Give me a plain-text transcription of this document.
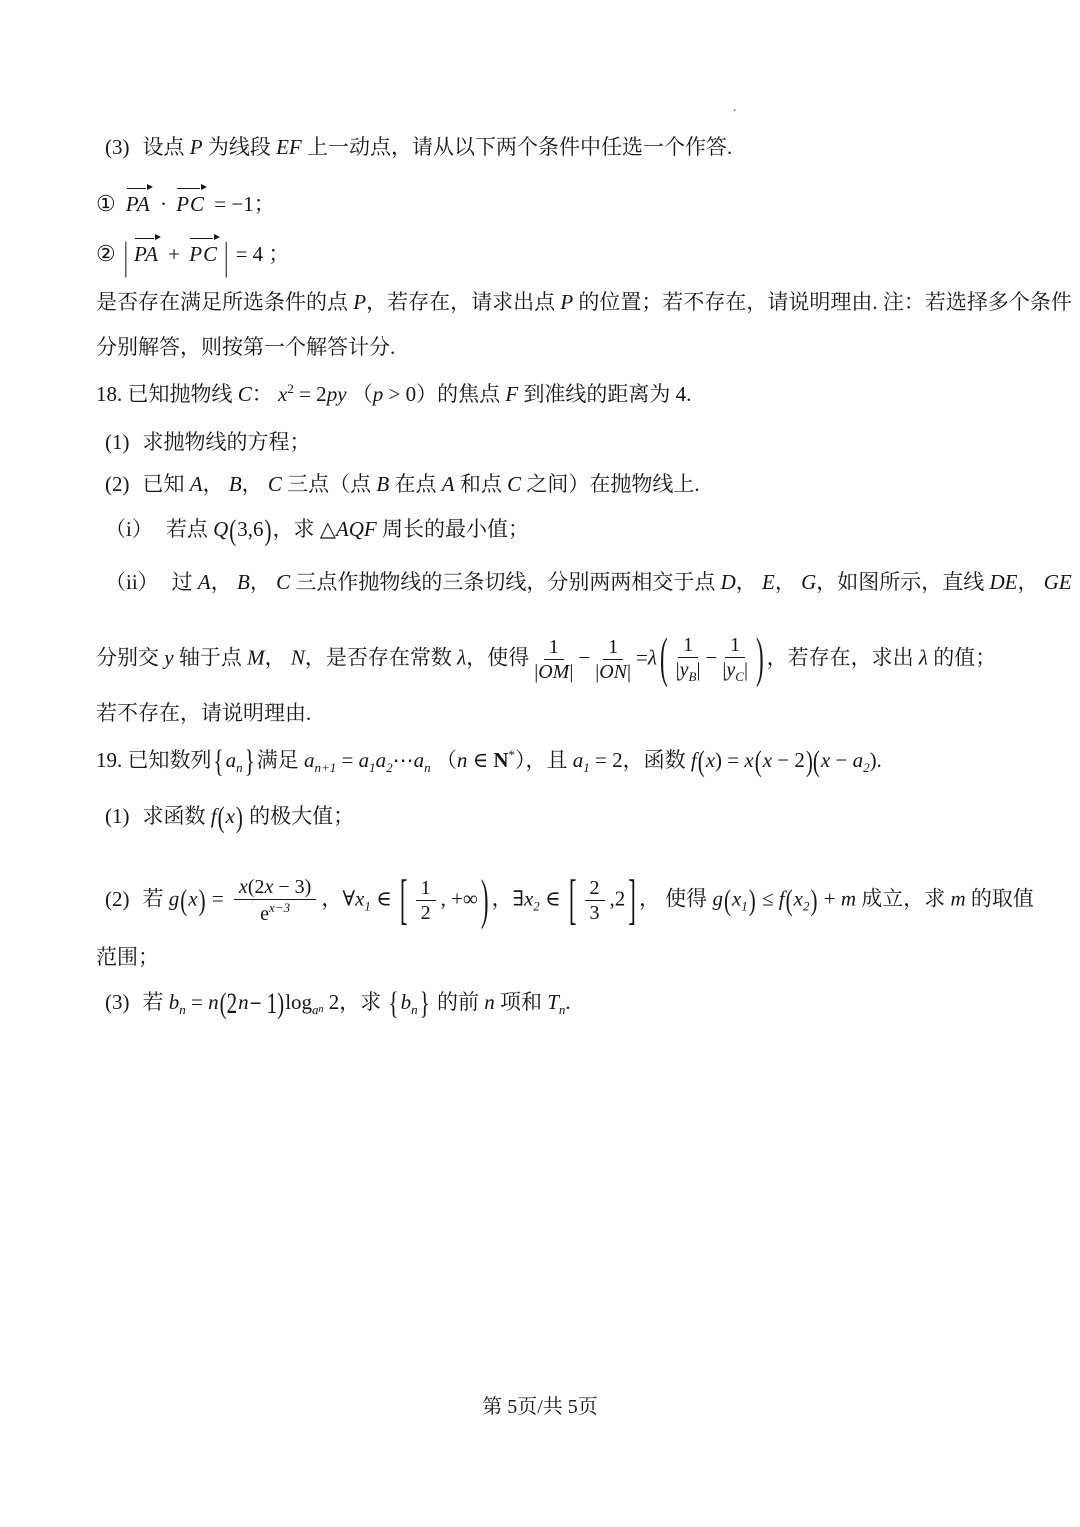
.
(3) 设点 P 为线段 EF 上一动点，请从以下两个条件中任选一个作答.
① PA · PC = −1；
② | PA + PC | = 4 ；
是否存在满足所选条件的点 P，若存在，请求出点 P 的位置；若不存在，请说明理由. 注：若选择多个条件
分别解答，则按第一个解答计分.
18. 已知抛物线 C： $x^2 = 2py$ （p > 0）的焦点 F 到准线的距离为 4.
(1) 求抛物线的方程；
(2) 已知 A， B， C 三点（点 B 在点 A 和点 C 之间）在抛物线上.
（i） 若点 Q(3,6)，求 △AQF 周长的最小值；
（ii） 过 A， B， C 三点作抛物线的三条切线，分别两两相交于点 D， E， G，如图所示，直线 DE， GE
分别交 y 轴于点 M， N，是否存在常数 λ，使得 $\frac{1}{|OM|} - \frac{1}{|ON|} =\lambda$ ( $\frac{1}{|y_B|} - \frac{1}{|y_C|}$ ) ，若存在，求出 λ 的值；
若不存在，请说明理由.
19. 已知数列$\{a_n\}$满足 $a_{n+1}$ = $a_1a_2\cdots a_n$ （n ∈ N*），且 $a_1 = 2$，函数 $f(x) = x(x - 2)(x - a_2)$.
(1) 求函数 f(x) 的极大值；
(2) 若 $g(x) = \frac{x(2x - 3)}{e^{x-3}}$ ，$\forall x_1$ ∈ [ $\frac{1}{2}$ , +∞ ) ，$\exists x_2$ ∈ [ $\frac{2}{3} ,2$ ] ， 使得 $g(x_1) \le f(x_2) + m$ 成立，求 m 的取值
范围；
(3) 若 $b_n = n(2n- 1)\log_an$ 2，求 $\{b_n\}$ 的前 n 项和 $T_n$.
第 5页/共 5页
